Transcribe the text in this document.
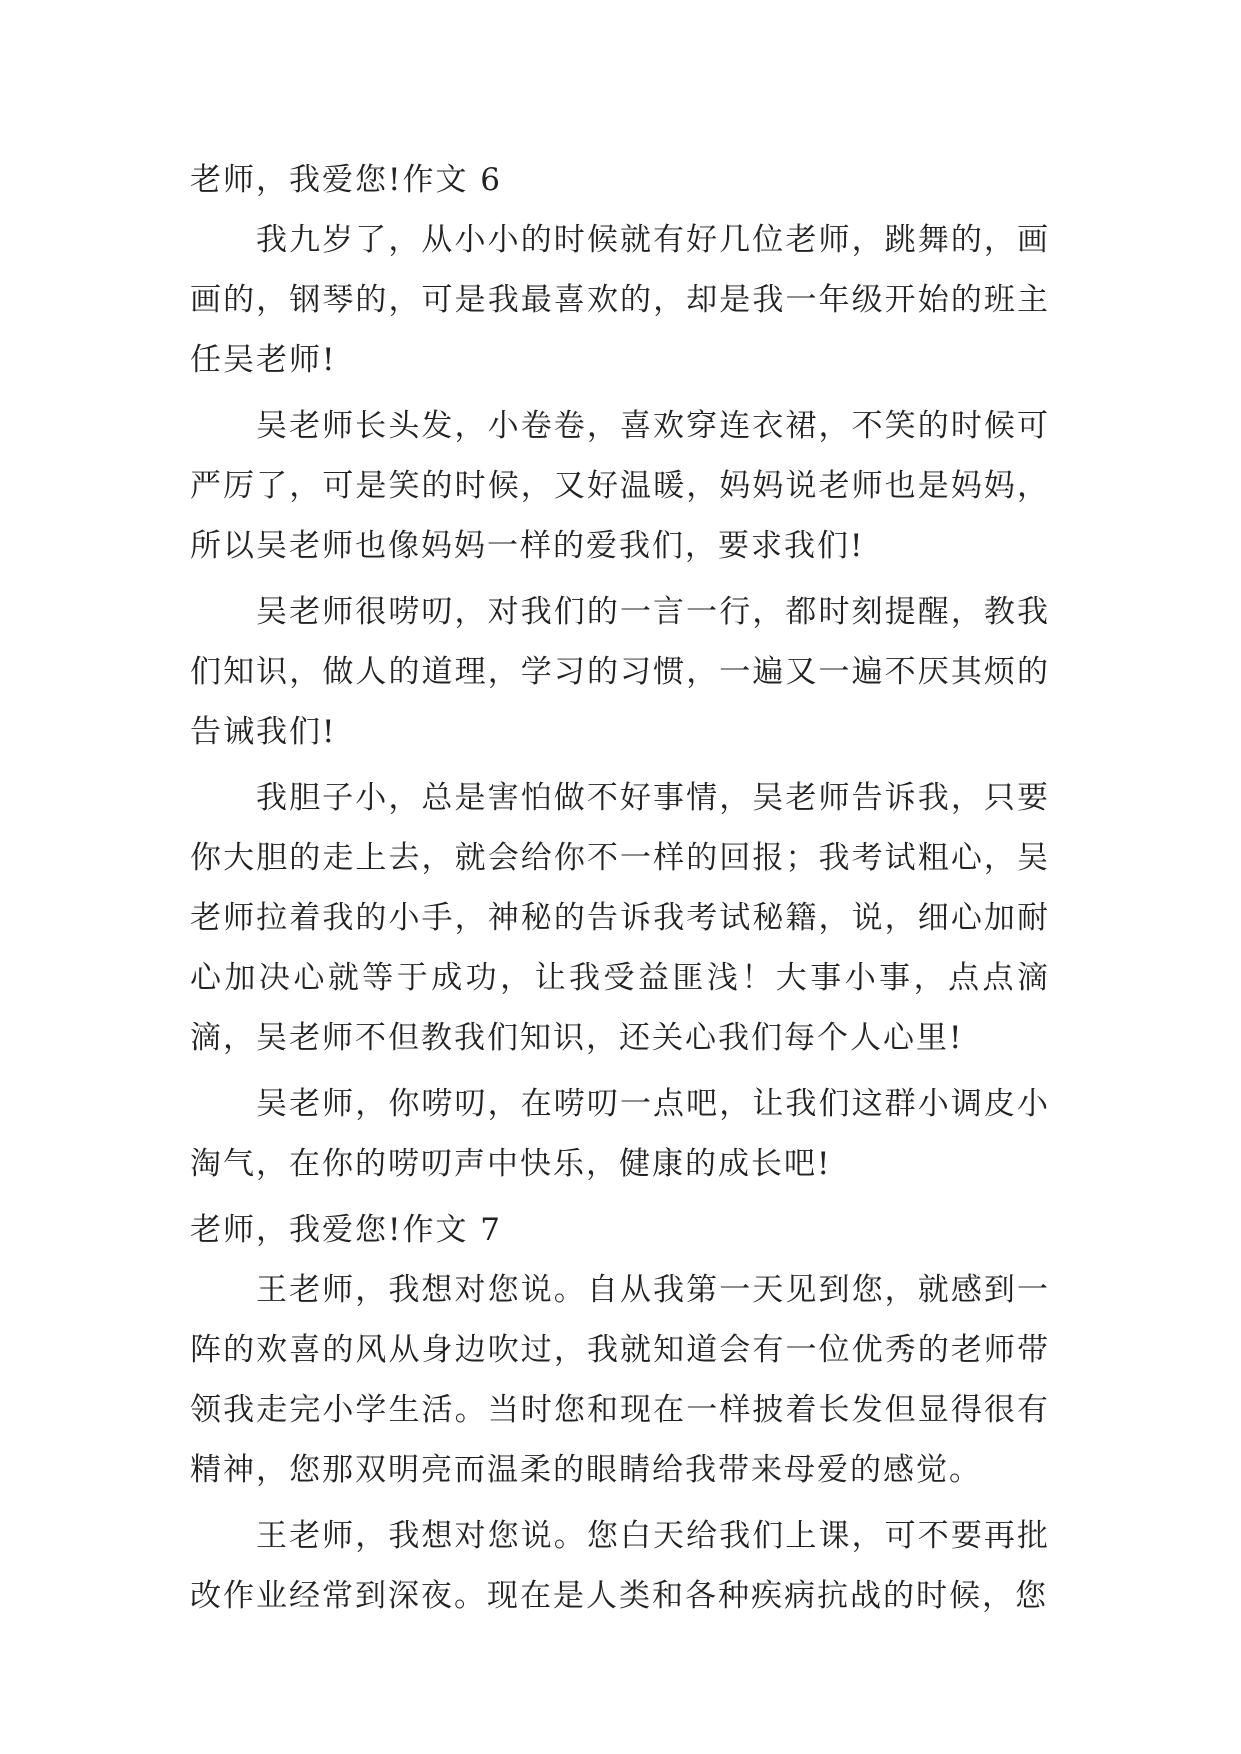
老师，我爱您!作文 6

我九岁了，从小小的时候就有好几位老师，跳舞的，画画的，钢琴的，可是我最喜欢的，却是我一年级开始的班主任吴老师!

吴老师长头发，小卷卷，喜欢穿连衣裙，不笑的时候可严厉了，可是笑的时候，又好温暖，妈妈说老师也是妈妈，所以吴老师也像妈妈一样的爱我们，要求我们!

吴老师很唠叨，对我们的一言一行，都时刻提醒，教我们知识，做人的道理，学习的习惯，一遍又一遍不厌其烦的告诫我们!

我胆子小，总是害怕做不好事情，吴老师告诉我，只要你大胆的走上去，就会给你不一样的回报；我考试粗心，吴老师拉着我的小手，神秘的告诉我考试秘籍，说，细心加耐心加决心就等于成功，让我受益匪浅！大事小事，点点滴滴，吴老师不但教我们知识，还关心我们每个人心里!

吴老师，你唠叨，在唠叨一点吧，让我们这群小调皮小淘气，在你的唠叨声中快乐，健康的成长吧!

老师，我爱您!作文 7

王老师，我想对您说。自从我第一天见到您，就感到一阵的欢喜的风从身边吹过，我就知道会有一位优秀的老师带领我走完小学生活。当时您和现在一样披着长发但显得很有精神，您那双明亮而温柔的眼睛给我带来母爱的感觉。

王老师，我想对您说。您白天给我们上课，可不要再批改作业经常到深夜。现在是人类和各种疾病抗战的时候，您
